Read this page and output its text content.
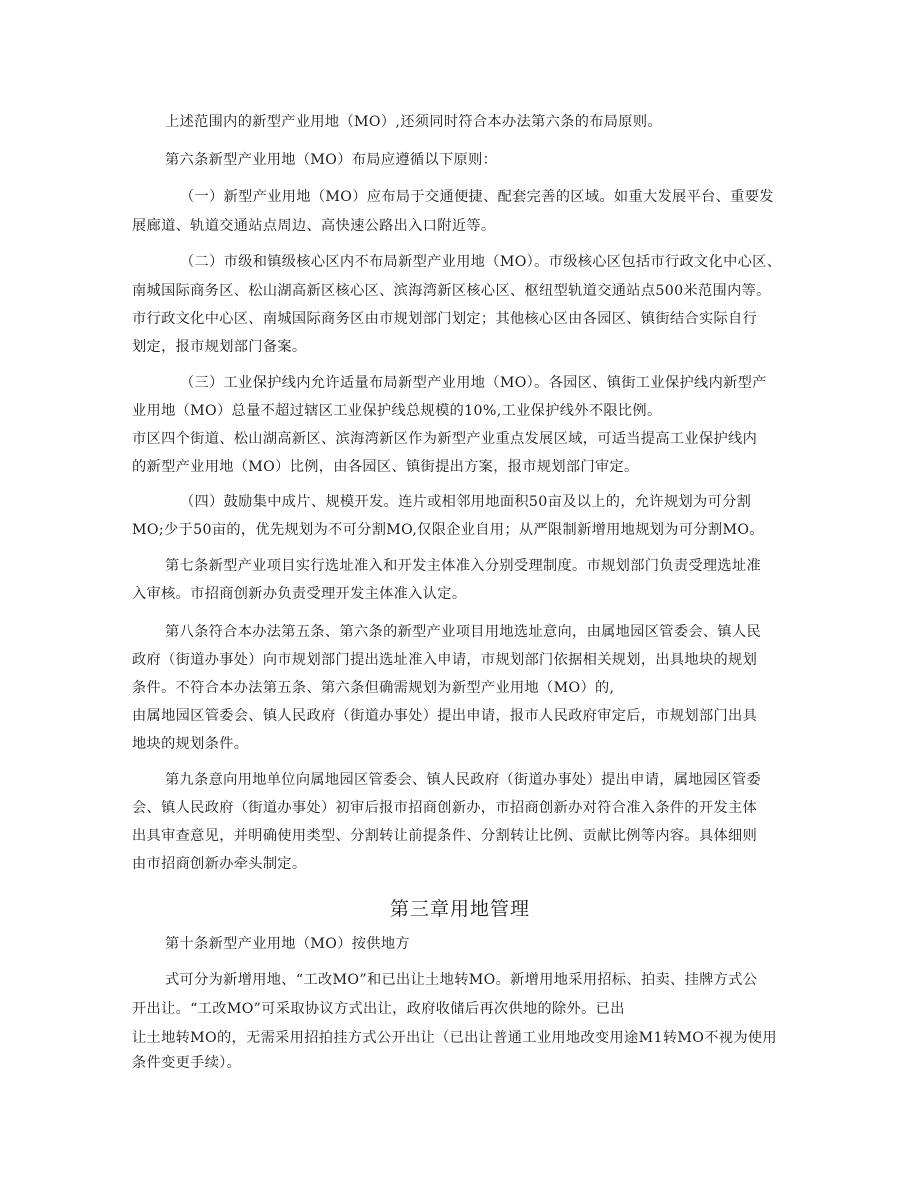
上述范围内的新型产业用地（MO）,还须同时符合本办法第六条的布局原则。
第六条新型产业用地（MO）布局应遵循以下原则：
（一）新型产业用地（MO）应布局于交通便捷、配套完善的区域。如重大发展平台、重要发
展廊道、轨道交通站点周边、高快速公路出入口附近等。
（二）市级和镇级核心区内不布局新型产业用地（MO）。市级核心区包括市行政文化中心区、
南城国际商务区、松山湖高新区核心区、滨海湾新区核心区、枢纽型轨道交通站点500米范围内等。
市行政文化中心区、南城国际商务区由市规划部门划定；其他核心区由各园区、镇街结合实际自行
划定，报市规划部门备案。
（三）工业保护线内允许适量布局新型产业用地（MO）。各园区、镇街工业保护线内新型产
业用地（MO）总量不超过辖区工业保护线总规模的10%,工业保护线外不限比例。
市区四个街道、松山湖高新区、滨海湾新区作为新型产业重点发展区域，可适当提高工业保护线内
的新型产业用地（MO）比例，由各园区、镇街提出方案，报市规划部门审定。
（四）鼓励集中成片、规模开发。连片或相邻用地面积50亩及以上的，允许规划为可分割
MO;少于50亩的，优先规划为不可分割MO,仅限企业自用；从严限制新增用地规划为可分割MO。
第七条新型产业项目实行选址准入和开发主体准入分别受理制度。市规划部门负责受理选址准
入审核。市招商创新办负责受理开发主体准入认定。
第八条符合本办法第五条、第六条的新型产业项目用地选址意向，由属地园区管委会、镇人民
政府（街道办事处）向市规划部门提出选址准入申请，市规划部门依据相关规划，出具地块的规划
条件。不符合本办法第五条、第六条但确需规划为新型产业用地（MO）的,
由属地园区管委会、镇人民政府（街道办事处）提出申请，报市人民政府审定后，市规划部门出具
地块的规划条件。
第九条意向用地单位向属地园区管委会、镇人民政府（街道办事处）提出申请，属地园区管委
会、镇人民政府（街道办事处）初审后报市招商创新办，市招商创新办对符合准入条件的开发主体
出具审查意见，并明确使用类型、分割转让前提条件、分割转让比例、贡献比例等内容。具体细则
由市招商创新办牵头制定。
第三章用地管理
第十条新型产业用地（MO）按供地方
式可分为新增用地、“工改MO”和已出让土地转MO。新增用地采用招标、拍卖、挂牌方式公
开出让。“工改MO”可采取协议方式出让，政府收储后再次供地的除外。已出
让土地转MO的，无需采用招拍挂方式公开出让（已出让普通工业用地改变用途M1转MO不视为使用
条件变更手续）。
